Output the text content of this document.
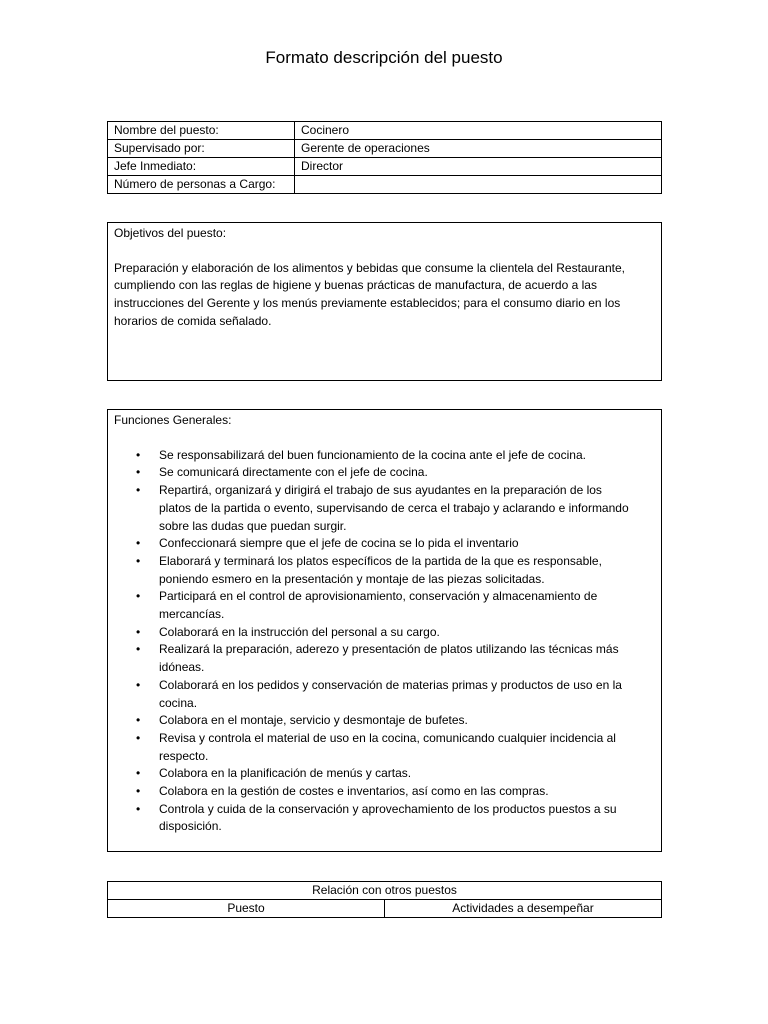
Formato descripción del puesto
Nombre del puesto:	Cocinero
Supervisado por:	Gerente de operaciones
Jefe Inmediato:	Director
Número de personas a Cargo:	

Objetivos del puesto:

Preparación y elaboración de los alimentos y bebidas que consume la clientela del Restaurante, cumpliendo con las reglas de higiene y buenas prácticas de manufactura, de acuerdo a las instrucciones del Gerente y los menús previamente establecidos; para el consumo diario en los horarios de comida señalado.

Funciones Generales:
• Se responsabilizará del buen funcionamiento de la cocina ante el jefe de cocina.
• Se comunicará directamente con el jefe de cocina.
• Repartirá, organizará y dirigirá el trabajo de sus ayudantes en la preparación de los platos de la partida o evento, supervisando de cerca el trabajo y aclarando e informando sobre las dudas que puedan surgir.
• Confeccionará siempre que el jefe de cocina se lo pida el inventario
• Elaborará y terminará los platos específicos de la partida de la que es responsable, poniendo esmero en la presentación y montaje de las piezas solicitadas.
• Participará en el control de aprovisionamiento, conservación y almacenamiento de mercancías.
• Colaborará en la instrucción del personal a su cargo.
• Realizará la preparación, aderezo y presentación de platos utilizando las técnicas más idóneas.
• Colaborará en los pedidos y conservación de materias primas y productos de uso en la cocina.
• Colabora en el montaje, servicio y desmontaje de bufetes.
• Revisa y controla el material de uso en la cocina, comunicando cualquier incidencia al respecto.
• Colabora en la planificación de menús y cartas.
• Colabora en la gestión de costes e inventarios, así como en las compras.
• Controla y cuida de la conservación y aprovechamiento de los productos puestos a su disposición.
Relación con otros puestos
Puesto	Actividades a desempeñar
